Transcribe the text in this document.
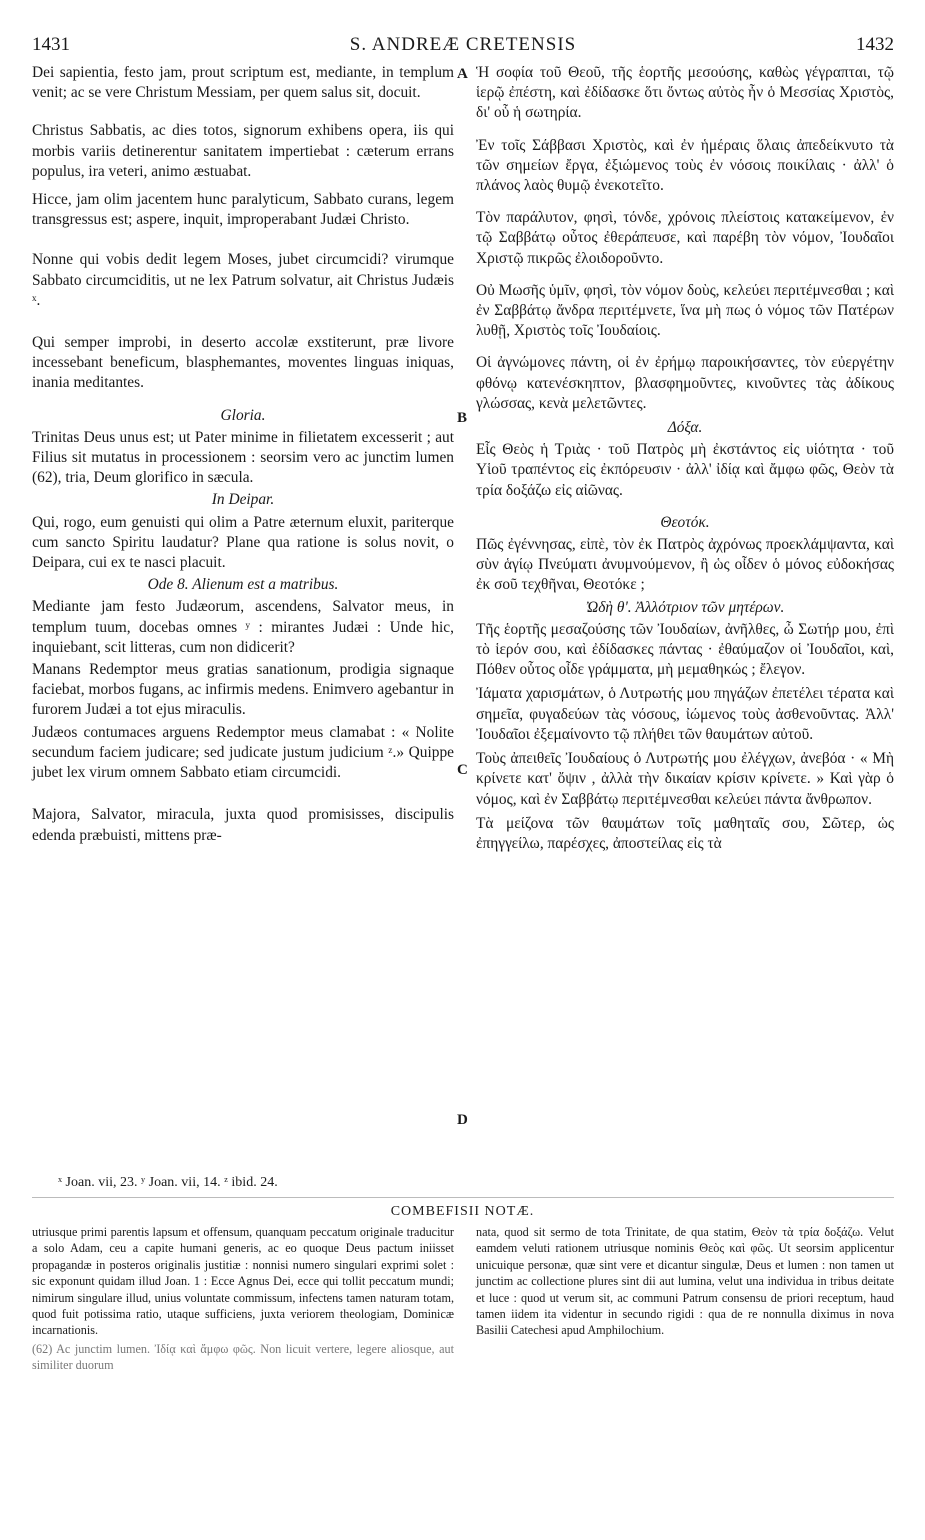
1431	S. ANDREÆ CRETENSIS	1432

Dei sapientia, festo jam, prout scriptum est, mediante, in templum venit; ac se vere Christum Messiam, per quem salus sit, docuit.

Christus Sabbatis, ac dies totos, signorum exhibens opera, iis qui morbis variis detinerentur sanitatem impertiebat : cæterum errans populus, ira veteri, animo æstuabat.

Hicce, jam olim jacentem hunc paralyticum, Sabbato curans, legem transgressus est; aspere, inquit, improperabant Judæi Christo.

Nonne qui vobis dedit legem Moses, jubet circumcidi? virumque Sabbato circumciditis, ut ne lex Patrum solvatur, ait Christus Judæis ˣ.

Qui semper improbi, in deserto accolæ exstiterunt, præ livore incessebant beneficum, blasphemantes, moventes linguas iniquas, inania meditantes.

Gloria.

Trinitas Deus unus est; ut Pater minime in filietatem excesserit ; aut Filius sit mutatus in processionem : seorsim vero ac junctim lumen (62), tria, Deum glorifico in sæcula.

In Deipar.

Qui, rogo, eum genuisti qui olim a Patre æternum eluxit, pariterque cum sancto Spiritu laudatur? Plane qua ratione is solus novit, o Deipara, cui ex te nasci placuit.

Ode 8. Alienum est a matribus.

Mediante jam festo Judæorum, ascendens, Salvator meus, in templum tuum, docebas omnes ʸ : mirantes Judæi : Unde hic, inquiebant, scit litteras, cum non didicerit?

Manans Redemptor meus gratias sanationum, prodigia signaque faciebat, morbos fugans, ac infirmis medens. Enimvero agebantur in furorem Judæi a tot ejus miraculis.

Judæos contumaces arguens Redemptor meus clamabat : « Nolite secundum faciem judicare; sed judicate justum judicium ᶻ.» Quippe jubet lex virum omnem Sabbato etiam circumcidi.

Majora, Salvator, miracula, juxta quod promisisses, discipulis edenda præbuisti, mittens præ-

A
B
C
D

Ἡ σοφία τοῦ Θεοῦ, τῆς ἑορτῆς μεσούσης, καθὼς γέγραπται, τῷ ἱερῷ ἐπέστη, καὶ ἐδίδασκε ὅτι ὄντως αὐτὸς ἦν ὁ Μεσσίας Χριστὸς, δι' οὗ ἡ σωτηρία.

Ἐν τοῖς Σάββασι Χριστὸς, καὶ ἐν ἡμέραις ὅλαις ἀπεδείκνυτο τὰ τῶν σημείων ἔργα, ἐξιώμενος τοὺς ἐν νόσοις ποικίλαις · ἀλλ' ὁ πλάνος λαὸς θυμῷ ἐνεκοτεῖτο.

Τὸν παράλυτον, φησὶ, τόνδε, χρόνοις πλείστοις κατακείμενον, ἐν τῷ Σαββάτῳ οὗτος ἐθεράπευσε, καὶ παρέβη τὸν νόμον, Ἰουδαῖοι Χριστῷ πικρῶς ἐλοιδοροῦντο.

Οὐ Μωσῆς ὑμῖν, φησὶ, τὸν νόμον δοὺς, κελεύει περιτέμνεσθαι ; καὶ ἐν Σαββάτῳ ἄνδρα περιτέμνετε, ἵνα μὴ πως ὁ νόμος τῶν Πατέρων λυθῇ, Χριστὸς τοῖς Ἰουδαίοις.

Οἱ ἀγνώμονες πάντη, οἱ ἐν ἐρήμῳ παροικήσαντες, τὸν εὐεργέτην φθόνῳ κατενέσκηπτον, βλασφημοῦντες, κινοῦντες τὰς ἀδίκους γλώσσας, κενὰ μελετῶντες.

Δόξα.

Εἷς Θεὸς ἡ Τριὰς · τοῦ Πατρὸς μὴ ἐκστάντος εἰς υἱότητα · τοῦ Υἱοῦ τραπέντος εἰς ἐκπόρευσιν · ἀλλ' ἰδίᾳ καὶ ἄμφω φῶς, Θεὸν τὰ τρία δοξάζω εἰς αἰῶνας.

Θεοτόκ.

Πῶς ἐγέννησας, εἰπὲ, τὸν ἐκ Πατρὸς ἀχρόνως προεκλάμψαντα, καὶ σὺν ἁγίῳ Πνεύματι ἀνυμνούμενον, ἢ ὡς οἶδεν ὁ μόνος εὐδοκήσας ἐκ σοῦ τεχθῆναι, Θεοτόκε ;

Ὠδὴ θ'. Ἀλλότριον τῶν μητέρων.

Τῆς ἑορτῆς μεσαζούσης τῶν Ἰουδαίων, ἀνῆλθες, ὦ Σωτήρ μου, ἐπὶ τὸ ἱερόν σου, καὶ ἐδίδασκες πάντας · ἐθαύμαζον οἱ Ἰουδαῖοι, καὶ, Πόθεν οὗτος οἶδε γράμματα, μὴ μεμαθηκώς ; ἔλεγον.

Ἰάματα χαρισμάτων, ὁ Λυτρωτής μου πηγάζων ἐπετέλει τέρατα καὶ σημεῖα, φυγαδεύων τὰς νόσους, ἰώμενος τοὺς ἀσθενοῦντας. Ἀλλ' Ἰουδαῖοι ἐξεμαίνοντο τῷ πλήθει τῶν θαυμάτων αὐτοῦ.

Τοὺς ἀπειθεῖς Ἰουδαίους ὁ Λυτρωτής μου ἐλέγχων, ἀνεβόα · « Μὴ κρίνετε κατ' ὄψιν , ἀλλὰ τὴν δικαίαν κρίσιν κρίνετε. » Καὶ γὰρ ὁ νόμος, καὶ ἐν Σαββάτῳ περιτέμνεσθαι κελεύει πάντα ἄνθρωπον.

Τὰ μείζονα τῶν θαυμάτων τοῖς μαθηταῖς σου, Σῶτερ, ὡς ἐπηγγείλω, παρέσχες, ἀποστείλας εἰς τὰ

ˣ Joan. vii, 23. ʸ Joan. vii, 14. ᶻ ibid. 24.
COMBEFISII NOTÆ.

utriusque primi parentis lapsum et offensum, quanquam peccatum originale traducitur a solo Adam, ceu a capite humani generis, ac eo quoque Deus pactum iniisset propagandæ in posteros originalis justitiæ : nonnisi numero singulari exprimi solet : sic exponunt quidam illud Joan. 1 : Ecce Agnus Dei, ecce qui tollit peccatum mundi; nimirum singulare illud, unius voluntate commissum, infectens tamen naturam totam, quod fuit potissima ratio, utaque sufficiens, juxta veriorem theologiam, Dominicæ incarnationis.

(62) Ac junctim lumen. Ἰδίᾳ καὶ ἄμφω φῶς. Non licuit vertere, legere aliosque, aut similiter duorum

nata, quod sit sermo de tota Trinitate, de qua statim, Θεὸν τὰ τρία δοξάζω. Velut eamdem veluti rationem utriusque nominis Θεὸς καὶ φῶς. Ut seorsim applicentur unicuique personæ, quæ sint vere et dicantur singulæ, Deus et lumen : non tamen ut junctim ac collectione plures sint dii aut lumina, velut una individua in tribus deitate et luce : quod ut verum sit, ac communi Patrum consensu de priori receptum, haud tamen iidem ita videntur in secundo rigidi : qua de re nonnulla diximus in nova Basilii Catechesi apud Amphilochium.
